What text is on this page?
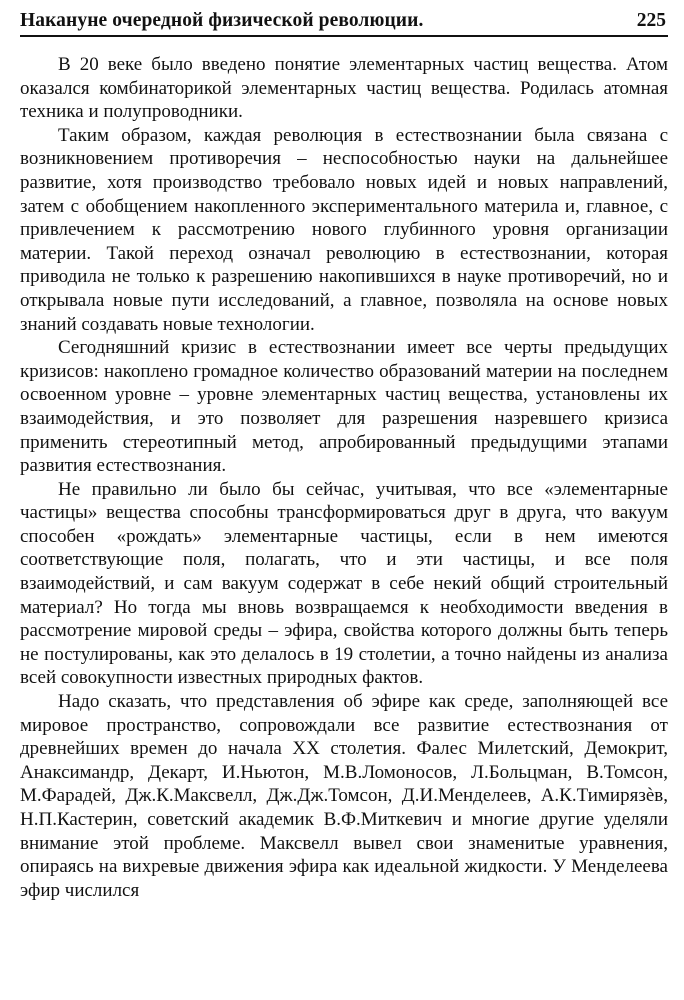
Накануне очередной физической революции.	225

В 20 веке было введено понятие элементарных частиц вещества. Атом оказался комбинаторикой элементарных частиц вещества. Родилась атомная техника и полупроводники.

Таким образом, каждая революция в естествознании была связана с возникновением противоречия – неспособностью науки на дальнейшее развитие, хотя производство требовало новых идей и новых направлений, затем с обобщением накопленного экспериментального материла и, главное, с привлечением к рассмотрению нового глубинного уровня организации материи. Такой переход означал революцию в естествознании, которая приводила не только к разрешению накопившихся в науке противоречий, но и открывала новые пути исследований, а главное, позволяла на основе новых знаний создавать новые технологии.

Сегодняшний кризис в естествознании имеет все черты предыдущих кризисов: накоплено громадное количество образований материи на последнем освоенном уровне – уровне элементарных частиц вещества, установлены их взаимодействия, и это позволяет для разрешения назревшего кризиса применить стереотипный метод, апробированный предыдущими этапами развития естествознания.

Не правильно ли было бы сейчас, учитывая, что все «элементарные частицы» вещества способны трансформироваться друг в друга, что вакуум способен «рождать» элементарные частицы, если в нем имеются соответствующие поля, полагать, что и эти частицы, и все поля взаимодействий, и сам вакуум содержат в себе некий общий строительный материал? Но тогда мы вновь возвращаемся к необходимости введения в рассмотрение мировой среды – эфира, свойства которого должны быть теперь не постулированы, как это делалось в 19 столетии, а точно найдены из анализа всей совокупности известных природных фактов.

Надо сказать, что представления об эфире как среде, заполняющей все мировое пространство, сопровождали все развитие естествознания от древнейших времен до начала XX столетия. Фалес Милетский, Демокрит, Анаксимандр, Декарт, И.Ньютон, М.В.Ломоносов, Л.Больцман, В.Томсон, М.Фарадей, Дж.К.Максвелл, Дж.Дж.Томсон, Д.И.Менделеев, А.К.Тимирязѐв, Н.П.Кастерин, советский академик В.Ф.Миткевич и многие другие уделяли внимание этой проблеме. Максвелл вывел свои знаменитые уравнения, опираясь на вихревые движения эфира как идеальной жидкости. У Менделеева эфир числился
